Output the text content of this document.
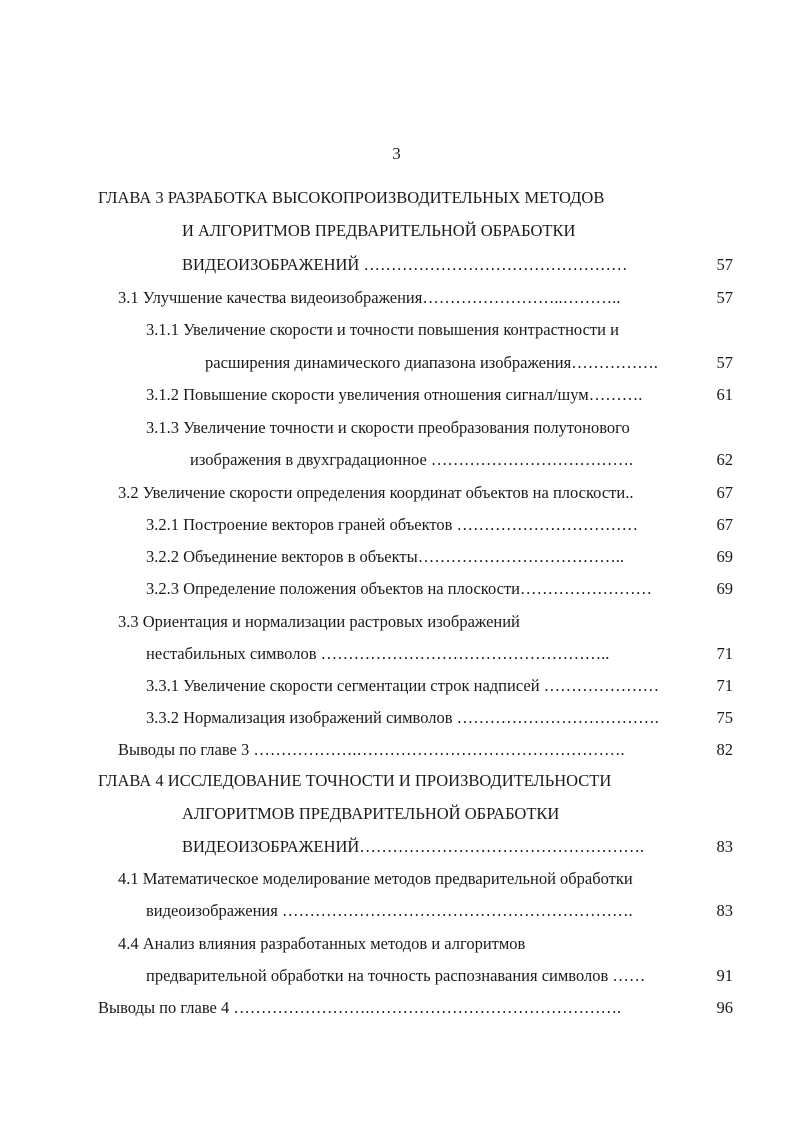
3
ГЛАВА 3 РАЗРАБОТКА ВЫСОКОПРОИЗВОДИТЕЛЬНЫХ МЕТОДОВ
И АЛГОРИТМОВ ПРЕДВАРИТЕЛЬНОЙ ОБРАБОТКИ
ВИДЕОИЗОБРАЖЕНИЙ …………………………………………	57
3.1 Улучшение качества видеоизображения……………………..………..	57
3.1.1 Увеличение скорости и точности повышения контрастности и
расширения динамического диапазона изображения…………….	57
3.1.2 Повышение скорости увеличения отношения сигнал/шум……….	61
3.1.3 Увеличение точности и скорости преобразования полутонового
изображения в двухградационное ……………………………….	62
3.2 Увеличение скорости определения координат объектов на плоскости..	67
3.2.1 Построение векторов граней объектов ……………………………	67
3.2.2 Объединение векторов в объекты………………………………..	69
3.2.3 Определение положения объектов на плоскости……………………	69
3.3 Ориентация и нормализации растровых изображений
нестабильных символов ……………………………………………..	71
3.3.1 Увеличение скорости сегментации строк надписей …………………	71
3.3.2 Нормализация изображений символов ……………………………….	75
Выводы по главе 3 ……………….………………………………………….	82
ГЛАВА 4 ИССЛЕДОВАНИЕ ТОЧНОСТИ И ПРОИЗВОДИТЕЛЬНОСТИ
АЛГОРИТМОВ ПРЕДВАРИТЕЛЬНОЙ ОБРАБОТКИ
ВИДЕОИЗОБРАЖЕНИЙ…………………………………………….	83
4.1 Математическое моделирование методов предварительной обработки
видеоизображения ……………………………………………………….	83
4.4 Анализ влияния разработанных методов и алгоритмов
предварительной обработки на точность распознавания символов ……	91
Выводы по главе 4 …………………….……………………………………….	96
